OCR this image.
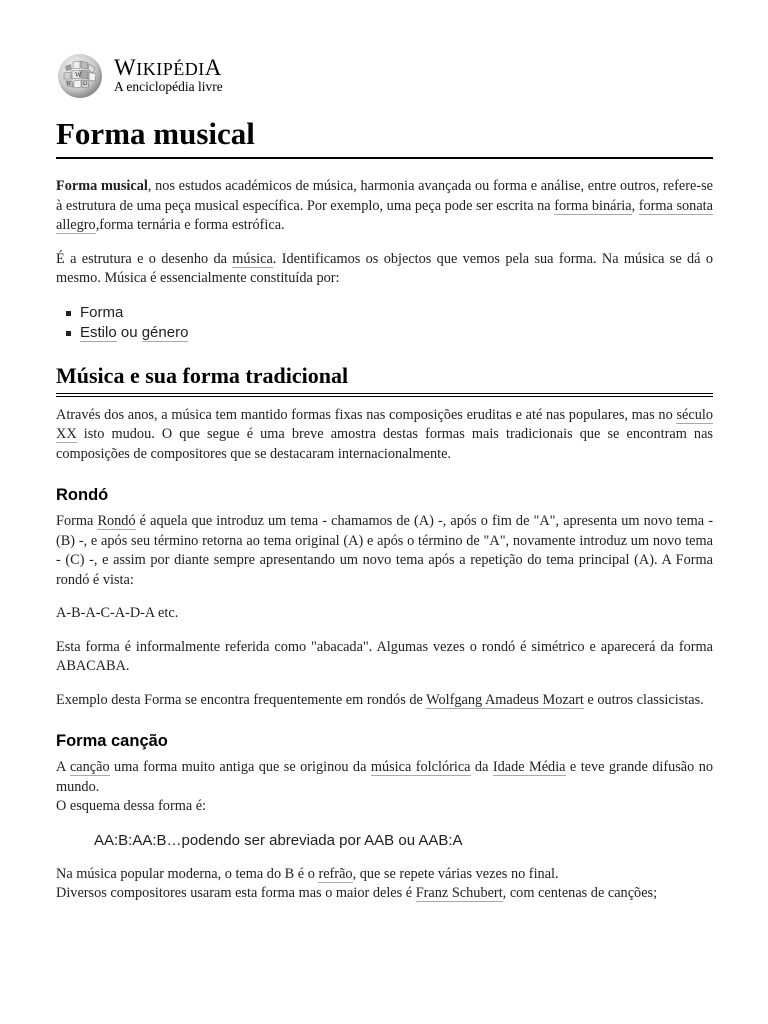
W
Ω
И
WIKIPÉDIA
A enciclopédia livre
Forma musical

Forma musical, nos estudos académicos de música, harmonia avançada ou forma e análise, entre outros, refere-se à estrutura de uma peça musical específica. Por exemplo, uma peça pode ser escrita na forma binária, forma sonata allegro,forma ternária e forma estrófica.

É a estrutura e o desenho da música. Identificamos os objectos que vemos pela sua forma. Na música se dá o mesmo. Música é essencialmente constituída por:

Forma
Estilo ou género
Música e sua forma tradicional

Através dos anos, a música tem mantido formas fixas nas composições eruditas e até nas populares, mas no século XX isto mudou. O que segue é uma breve amostra destas formas mais tradicionais que se encontram nas composições de compositores que se destacaram internacionalmente.

Rondó

Forma Rondó é aquela que introduz um tema - chamamos de (A) -, após o fim de "A", apresenta um novo tema - (B) -, e após seu término retorna ao tema original (A) e após o término de "A", novamente introduz um novo tema - (C) -, e assim por diante sempre apresentando um novo tema após a repetição do tema principal (A). A Forma rondó é vista:

A-B-A-C-A-D-A etc.

Esta forma é informalmente referida como "abacada". Algumas vezes o rondó é simétrico e aparecerá da forma ABACABA.

Exemplo desta Forma se encontra frequentemente em rondós de Wolfgang Amadeus Mozart e outros classicistas.

Forma canção

A canção uma forma muito antiga que se originou da música folclórica da Idade Média e teve grande difusão no mundo.
O esquema dessa forma é:

AA:B:AA:B…podendo ser abreviada por AAB ou AAB:A

Na música popular moderna, o tema do B é o refrão, que se repete várias vezes no final.
Diversos compositores usaram esta forma mas o maior deles é Franz Schubert, com centenas de canções;
